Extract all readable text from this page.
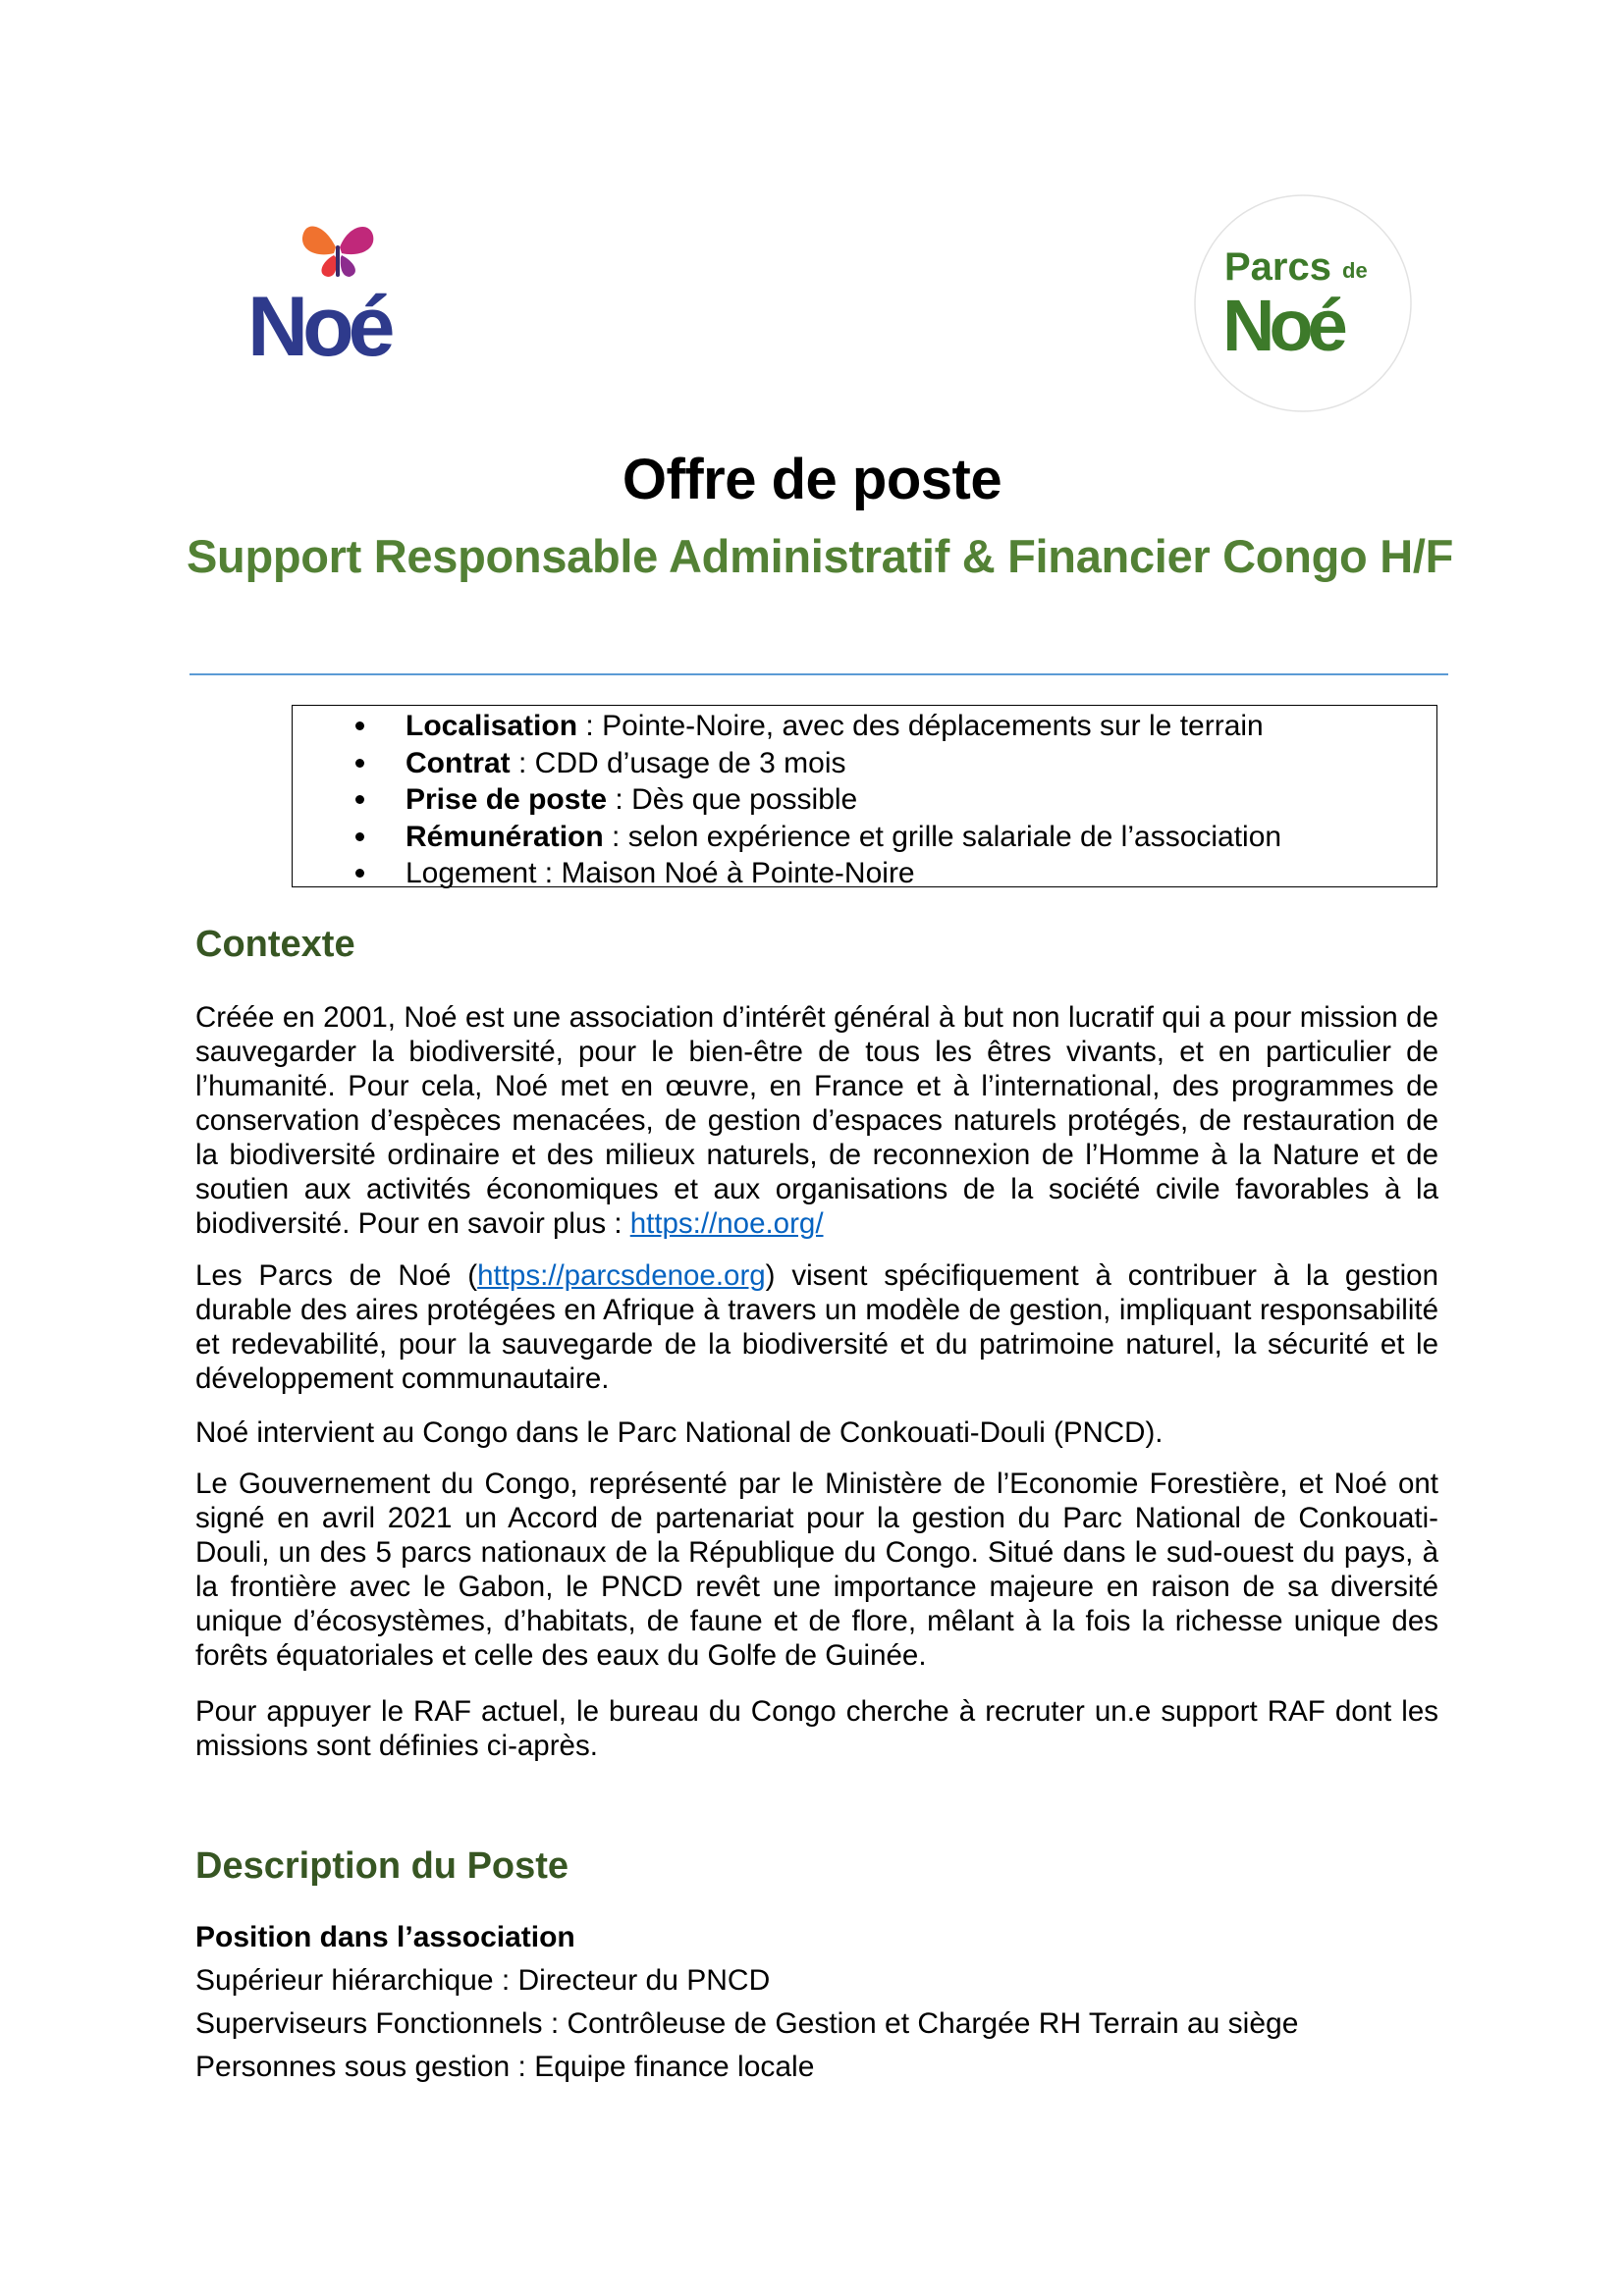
Noé
Parcs de
Noé
Offre de poste
Support Responsable Administratif & Financier Congo H/F
Localisation : Pointe-Noire, avec des déplacements sur le terrain
Contrat : CDD d’usage de 3 mois
Prise de poste : Dès que possible
Rémunération : selon expérience et grille salariale de l’association
Logement : Maison Noé à Pointe-Noire
Contexte
Créée en 2001, Noé est une association d’intérêt général à but non lucratif qui a pour mission de sauvegarder la biodiversité, pour le bien-être de tous les êtres vivants, et en particulier de l’humanité. Pour cela, Noé met en œuvre, en France et à l’international, des programmes de conservation d’espèces menacées, de gestion d’espaces naturels protégés, de restauration de la biodiversité ordinaire et des milieux naturels, de reconnexion de l’Homme à la Nature et de soutien aux activités économiques et aux organisations de la société civile favorables à la biodiversité. Pour en savoir plus : https://noe.org/
Les Parcs de Noé (https://parcsdenoe.org) visent spécifiquement à contribuer à la gestion durable des aires protégées en Afrique à travers un modèle de gestion, impliquant responsabilité et redevabilité, pour la sauvegarde de la biodiversité et du patrimoine naturel, la sécurité et le développement communautaire.
Noé intervient au Congo dans le Parc National de Conkouati-Douli (PNCD).
Le Gouvernement du Congo, représenté par le Ministère de l’Economie Forestière, et Noé ont signé en avril 2021 un Accord de partenariat pour la gestion du Parc National de Conkouati-Douli, un des 5 parcs nationaux de la République du Congo. Situé dans le sud-ouest du pays, à la frontière avec le Gabon, le PNCD revêt une importance majeure en raison de sa diversité unique d’écosystèmes, d’habitats, de faune et de flore, mêlant à la fois la richesse unique des forêts équatoriales et celle des eaux du Golfe de Guinée.
Pour appuyer le RAF actuel, le bureau du Congo cherche à recruter un.e support RAF dont les missions sont définies ci-après.
Description du Poste
Position dans l’association
Supérieur hiérarchique : Directeur du PNCD
Superviseurs Fonctionnels : Contrôleuse de Gestion et Chargée RH Terrain au siège
Personnes sous gestion : Equipe finance locale
